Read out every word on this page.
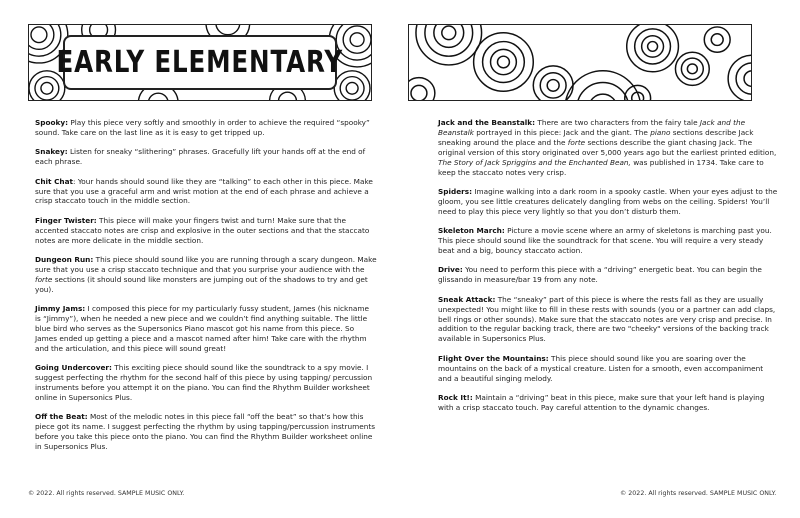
EARLY ELEMENTARY

Spooky: Play this piece very softly and smoothly in order to achieve the required “spooky” sound. Take care on the last line as it is easy to get tripped up.

Snakey: Listen for sneaky “slithering” phrases. Gracefully lift your hands off at the end of each phrase.

Chit Chat: Your hands should sound like they are “talking” to each other in this piece. Make sure that you use a graceful arm and wrist motion at the end of each phrase and achieve a crisp staccato touch in the middle section.

Finger Twister: This piece will make your fingers twist and turn! Make sure that the accented staccato notes are crisp and explosive in the outer sections and that the staccato notes are more delicate in the middle section.

Dungeon Run: This piece should sound like you are running through a scary dungeon. Make sure that you use a crisp staccato technique and that you surprise your audience with the forte sections (it should sound like monsters are jumping out of the shadows to try and get you).

Jimmy Jams: I composed this piece for my particularly fussy student, James (his nickname is “Jimmy”), when he needed a new piece and we couldn’t find anything suitable. The little blue bird who serves as the Supersonics Piano mascot got his name from this piece. So James ended up getting a piece and a mascot named after him! Take care with the rhythm and the articulation, and this piece will sound great!

Going Undercover: This exciting piece should sound like the soundtrack to a spy movie. I suggest perfecting the rhythm for the second half of this piece by using tapping/ percussion instruments before you attempt it on the piano. You can find the Rhythm Builder worksheet online in Supersonics Plus.

Off the Beat: Most of the melodic notes in this piece fall “off the beat” so that’s how this piece got its name. I suggest perfecting the rhythm by using tapping/percussion instruments before you take this piece onto the piano. You can find the Rhythm Builder worksheet online in Supersonics Plus.

© 2022. All rights reserved. SAMPLE MUSIC ONLY.

Jack and the Beanstalk: There are two characters from the fairy tale Jack and the Beanstalk portrayed in this piece: Jack and the giant. The piano sections describe Jack sneaking around the place and the forte sections describe the giant chasing Jack. The original version of this story originated over 5,000 years ago but the earliest printed edition, The Story of Jack Spriggins and the Enchanted Bean, was published in 1734. Take care to keep the staccato notes very crisp.

Spiders: Imagine walking into a dark room in a spooky castle. When your eyes adjust to the gloom, you see little creatures delicately dangling from webs on the ceiling. Spiders! You’ll need to play this piece very lightly so that you don’t disturb them.

Skeleton March: Picture a movie scene where an army of skeletons is marching past you. This piece should sound like the soundtrack for that scene. You will require a very steady beat and a big, bouncy staccato action.

Drive: You need to perform this piece with a “driving” energetic beat. You can begin the glissando in measure/bar 19 from any note.

Sneak Attack: The “sneaky” part of this piece is where the rests fall as they are usually unexpected! You might like to fill in these rests with sounds (you or a partner can add claps, bell rings or other sounds). Make sure that the staccato notes are very crisp and precise. In addition to the regular backing track, there are two "cheeky" versions of the backing track available in Supersonics Plus.

Flight Over the Mountains: This piece should sound like you are soaring over the mountains on the back of a mystical creature. Listen for a smooth, even accompaniment and a beautiful singing melody.

Rock It!: Maintain a “driving” beat in this piece, make sure that your left hand is playing with a crisp staccato touch. Pay careful attention to the dynamic changes.

© 2022. All rights reserved. SAMPLE MUSIC ONLY.
